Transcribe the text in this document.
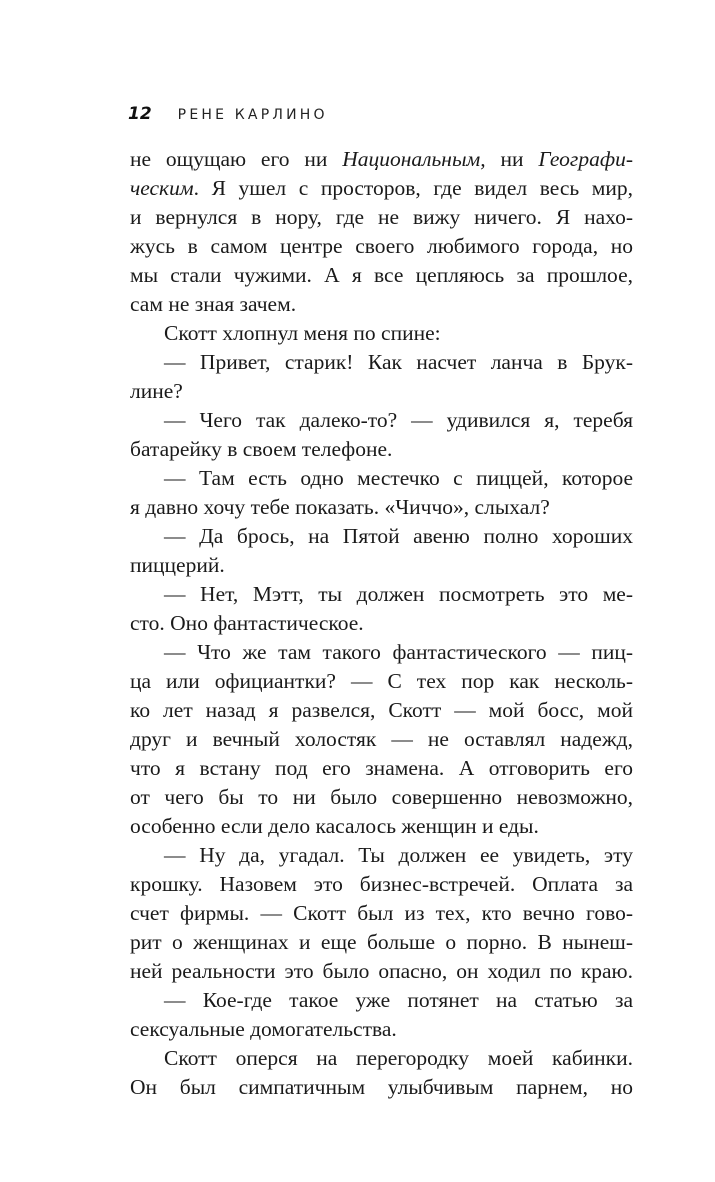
12 РЕНЕ КАРЛИНО
не ощущаю его ни Национальным, ни Географи-
ческим. Я ушел с просторов, где видел весь мир,
и вернулся в нору, где не вижу ничего. Я нахо-
жусь в самом центре своего любимого города, но
мы стали чужими. А я все цепляюсь за прошлое,
сам не зная зачем.
Скотт хлопнул меня по спине:
— Привет, старик! Как насчет ланча в Брук-
лине?
— Чего так далеко-то? — удивился я, теребя
батарейку в своем телефоне.
— Там есть одно местечко с пиццей, которое
я давно хочу тебе показать. «Чиччо», слыхал?
— Да брось, на Пятой авеню полно хороших
пиццерий.
— Нет, Мэтт, ты должен посмотреть это ме-
сто. Оно фантастическое.
— Что же там такого фантастического — пиц-
ца или официантки? — С тех пор как несколь-
ко лет назад я развелся, Скотт — мой босс, мой
друг и вечный холостяк — не оставлял надежд,
что я встану под его знамена. А отговорить его
от чего бы то ни было совершенно невозможно,
особенно если дело касалось женщин и еды.
— Ну да, угадал. Ты должен ее увидеть, эту
крошку. Назовем это бизнес-встречей. Оплата за
счет фирмы. — Скотт был из тех, кто вечно гово-
рит о женщинах и еще больше о порно. В нынеш-
ней реальности это было опасно, он ходил по краю.
— Кое-где такое уже потянет на статью за
сексуальные домогательства.
Скотт оперся на перегородку моей кабинки.
Он был симпатичным улыбчивым парнем, но
